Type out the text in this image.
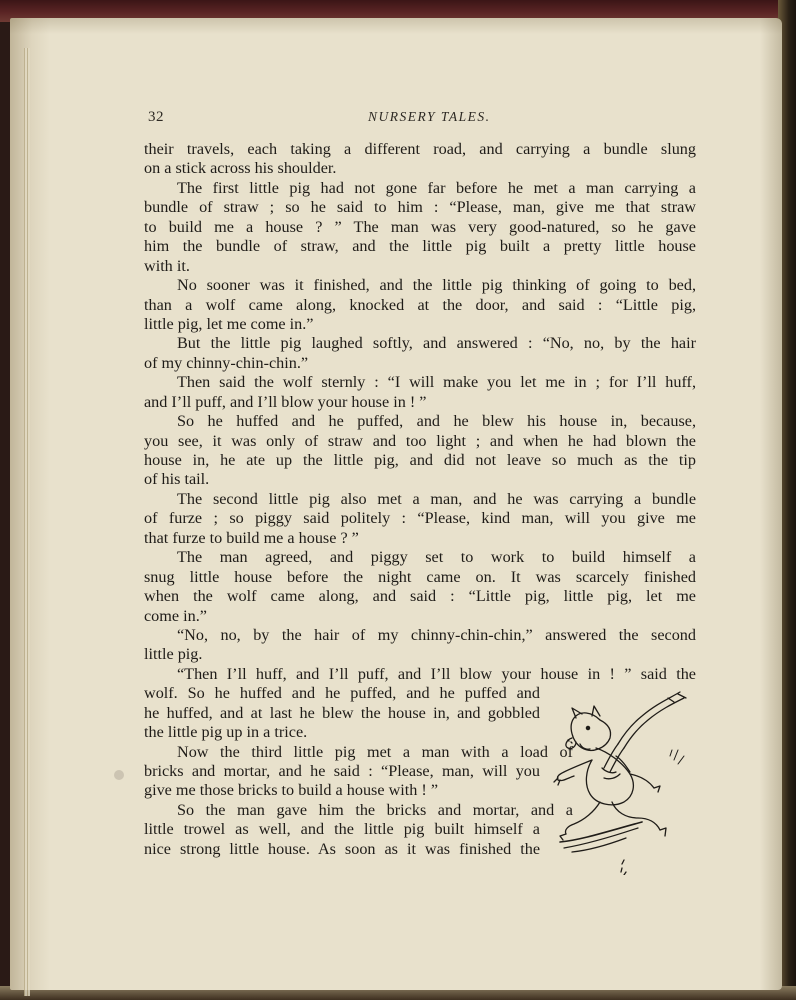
32	NURSERY TALES.
their travels, each taking a different road, and carrying a bundle slung
on a stick across his shoulder.
The first little pig had not gone far before he met a man carrying a
bundle of straw ; so he said to him : “Please, man, give me that straw
to build me a house ? ” The man was very good-natured, so he gave
him the bundle of straw, and the little pig built a pretty little house
with it.
No sooner was it finished, and the little pig thinking of going to bed,
than a wolf came along, knocked at the door, and said : “Little pig,
little pig, let me come in.”
But the little pig laughed softly, and answered : “No, no, by the hair
of my chinny-chin-chin.”
Then said the wolf sternly : “I will make you let me in ; for I’ll huff,
and I’ll puff, and I’ll blow your house in ! ”
So he huffed and he puffed, and he blew his house in, because,
you see, it was only of straw and too light ; and when he had blown the
house in, he ate up the little pig, and did not leave so much as the tip
of his tail.
The second little pig also met a man, and he was carrying a bundle
of furze ; so piggy said politely : “Please, kind man, will you give me
that furze to build me a house ? ”
The man agreed, and piggy set to work to build himself a
snug little house before the night came on. It was scarcely finished
when the wolf came along, and said : “Little pig, little pig, let me
come in.”
“No, no, by the hair of my chinny-chin-chin,” answered the second
little pig.
“Then I’ll huff, and I’ll puff, and I’ll blow your house in ! ” said the
wolf. So he huffed and he puffed, and he puffed and
he huffed, and at last he blew the house in, and gobbled
the little pig up in a trice.
Now the third little pig met a man with a load of
bricks and mortar, and he said : “Please, man, will you
give me those bricks to build a house with ! ”
So the man gave him the bricks and mortar, and a
little trowel as well, and the little pig built himself a
nice strong little house. As soon as it was finished the
